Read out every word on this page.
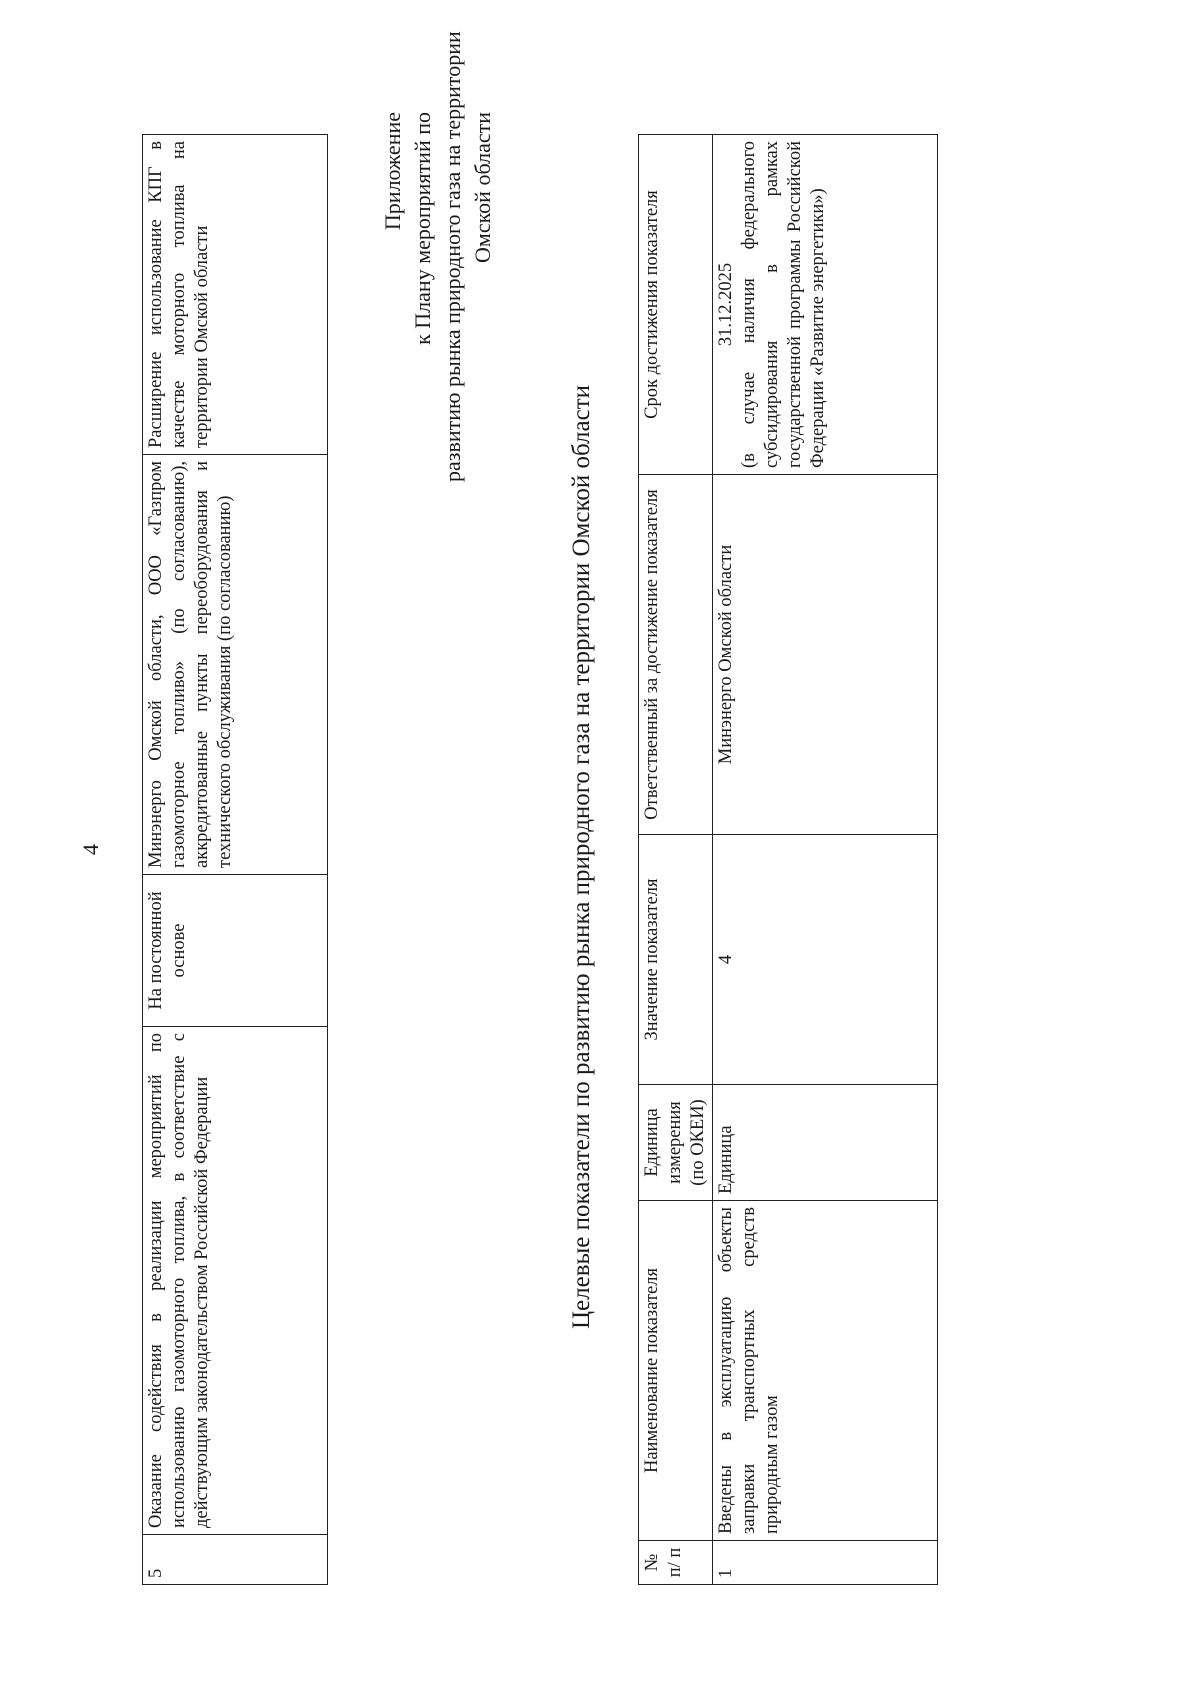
4
5	Оказание содействия в реализации мероприятий по использованию газомоторного топлива, в соответствие с действующим законодательством Российской Федерации	На постоянной основе	Минэнерго Омской области, ООО «Газпром газомоторное топливо» (по согласованию), аккредитованные пункты переоборудования и технического обслуживания (по согласованию)	Расширение использование КПГ в качестве моторного топлива на территории Омской области
Приложение к Плану мероприятий по развитию рынка природного газа на территории Омской области
Целевые показатели по развитию рынка природного газа на территории Омской области
№ п/ п	Наименование показателя	Единица измерения (по ОКЕИ)	Значение показателя	Ответственный за достижение показателя	Срок достижения показателя
1	Введены в эксплуатацию объекты заправки транспортных средств природным газом	Единица	4	Минэнерго Омской области	31.12.2025 (в случае наличия федерального субсидирования в рамках государственной программы Российской Федерации «Развитие энергетики»)
